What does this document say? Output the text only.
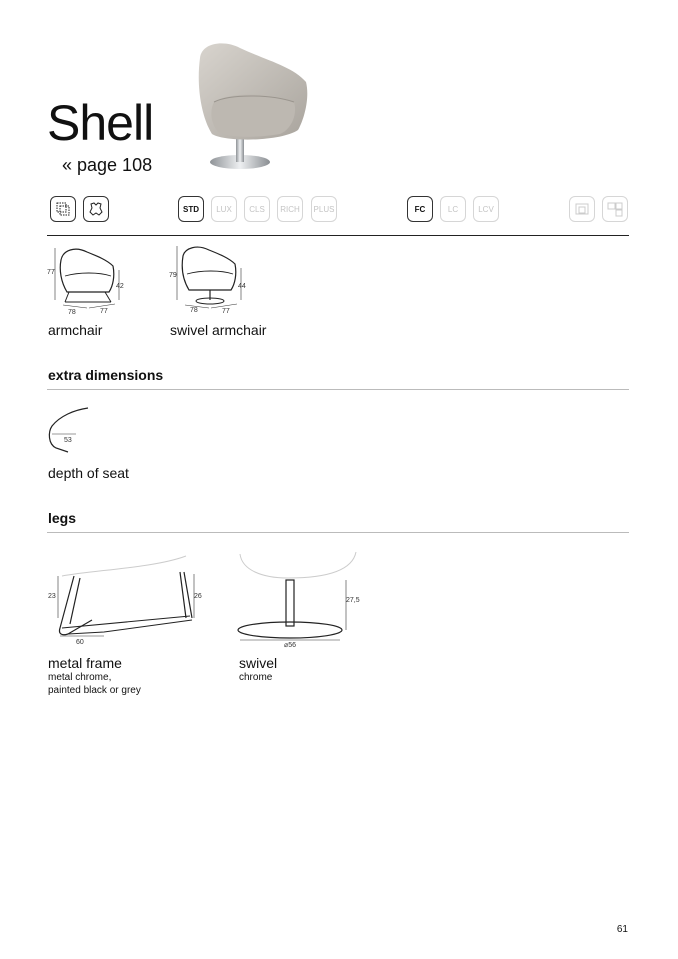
Shell
« page 108
STD	LUX	CLS	RICH	PLUS	FC	LC	LCV
77
42
78	77
armchair
79
44
78	77
swivel armchair
extra dimensions
53
depth of seat
legs
23	26
60
metal frame
metal chrome,
painted black or grey
27,5
⌀56
swivel
chrome
61
